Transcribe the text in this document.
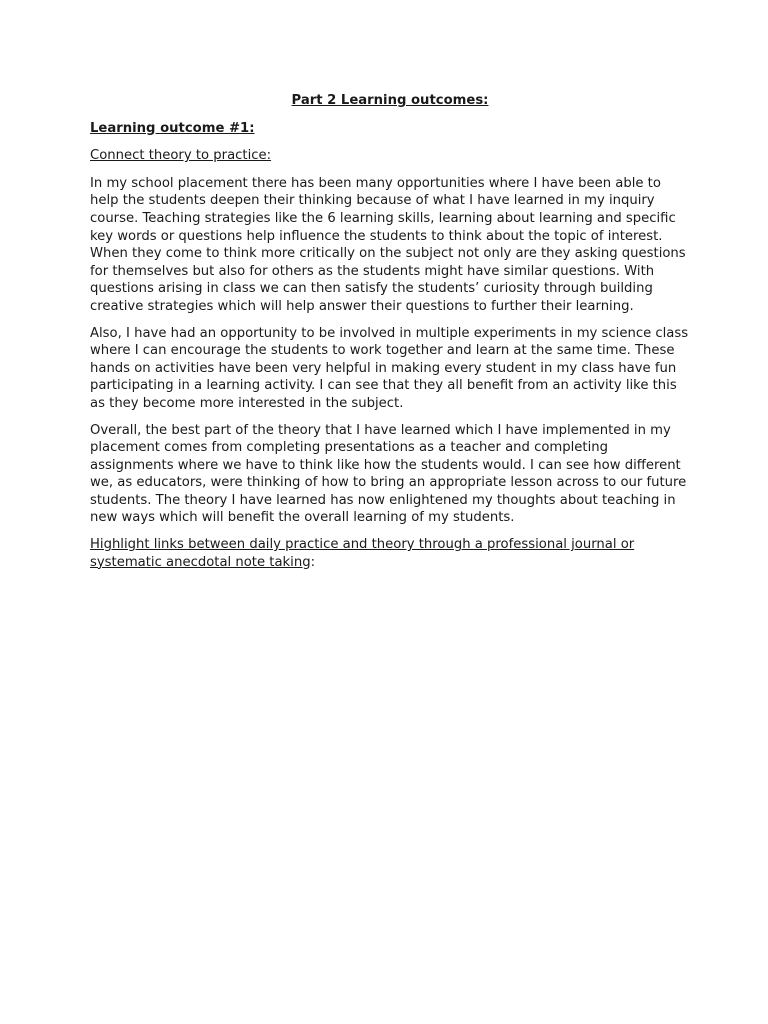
Part 2 Learning outcomes:
Learning outcome #1:
Connect theory to practice:

In my school placement there has been many opportunities where I have been able to help the students deepen their thinking because of what I have learned in my inquiry course. Teaching strategies like the 6 learning skills, learning about learning and specific key words or questions help influence the students to think about the topic of interest. When they come to think more critically on the subject not only are they asking questions for themselves but also for others as the students might have similar questions. With questions arising in class we can then satisfy the students’ curiosity through building creative strategies which will help answer their questions to further their learning.

Also, I have had an opportunity to be involved in multiple experiments in my science class where I can encourage the students to work together and learn at the same time. These hands on activities have been very helpful in making every student in my class have fun participating in a learning activity. I can see that they all benefit from an activity like this as they become more interested in the subject.

Overall, the best part of the theory that I have learned which I have implemented in my placement comes from completing presentations as a teacher and completing assignments where we have to think like how the students would. I can see how different we, as educators, were thinking of how to bring an appropriate lesson across to our future students. The theory I have learned has now enlightened my thoughts about teaching in new ways which will benefit the overall learning of my students.

Highlight links between daily practice and theory through a professional journal or
systematic anecdotal note taking:
